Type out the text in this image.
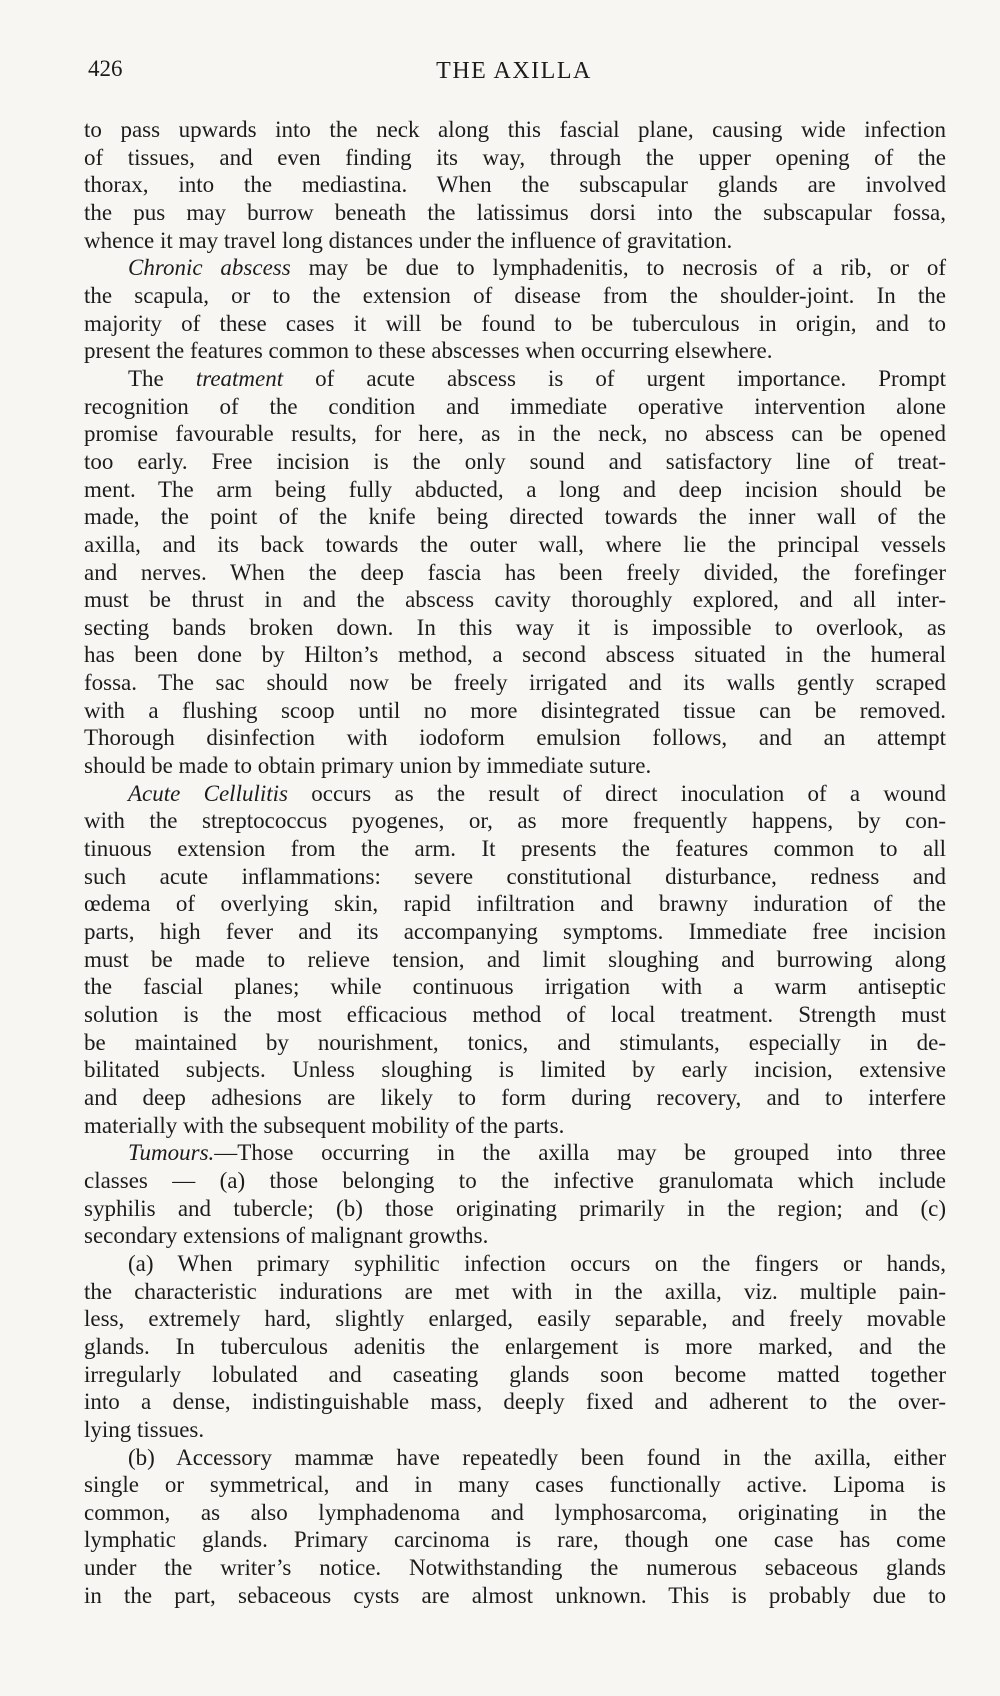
426	THE AXILLA
to pass upwards into the neck along this fascial plane, causing wide infection
of tissues, and even finding its way, through the upper opening of the
thorax, into the mediastina. When the subscapular glands are involved
the pus may burrow beneath the latissimus dorsi into the subscapular fossa,
whence it may travel long distances under the influence of gravitation.
Chronic abscess may be due to lymphadenitis, to necrosis of a rib, or of
the scapula, or to the extension of disease from the shoulder-joint. In the
majority of these cases it will be found to be tuberculous in origin, and to
present the features common to these abscesses when occurring elsewhere.
The treatment of acute abscess is of urgent importance. Prompt
recognition of the condition and immediate operative intervention alone
promise favourable results, for here, as in the neck, no abscess can be opened
too early. Free incision is the only sound and satisfactory line of treat-
ment. The arm being fully abducted, a long and deep incision should be
made, the point of the knife being directed towards the inner wall of the
axilla, and its back towards the outer wall, where lie the principal vessels
and nerves. When the deep fascia has been freely divided, the forefinger
must be thrust in and the abscess cavity thoroughly explored, and all inter-
secting bands broken down. In this way it is impossible to overlook, as
has been done by Hilton’s method, a second abscess situated in the humeral
fossa. The sac should now be freely irrigated and its walls gently scraped
with a flushing scoop until no more disintegrated tissue can be removed.
Thorough disinfection with iodoform emulsion follows, and an attempt
should be made to obtain primary union by immediate suture.
Acute Cellulitis occurs as the result of direct inoculation of a wound
with the streptococcus pyogenes, or, as more frequently happens, by con-
tinuous extension from the arm. It presents the features common to all
such acute inflammations: severe constitutional disturbance, redness and
œdema of overlying skin, rapid infiltration and brawny induration of the
parts, high fever and its accompanying symptoms. Immediate free incision
must be made to relieve tension, and limit sloughing and burrowing along
the fascial planes; while continuous irrigation with a warm antiseptic
solution is the most efficacious method of local treatment. Strength must
be maintained by nourishment, tonics, and stimulants, especially in de-
bilitated subjects. Unless sloughing is limited by early incision, extensive
and deep adhesions are likely to form during recovery, and to interfere
materially with the subsequent mobility of the parts.
Tumours.—Those occurring in the axilla may be grouped into three
classes — (a) those belonging to the infective granulomata which include
syphilis and tubercle; (b) those originating primarily in the region; and (c)
secondary extensions of malignant growths.
(a) When primary syphilitic infection occurs on the fingers or hands,
the characteristic indurations are met with in the axilla, viz. multiple pain-
less, extremely hard, slightly enlarged, easily separable, and freely movable
glands. In tuberculous adenitis the enlargement is more marked, and the
irregularly lobulated and caseating glands soon become matted together
into a dense, indistinguishable mass, deeply fixed and adherent to the over-
lying tissues.
(b) Accessory mammæ have repeatedly been found in the axilla, either
single or symmetrical, and in many cases functionally active. Lipoma is
common, as also lymphadenoma and lymphosarcoma, originating in the
lymphatic glands. Primary carcinoma is rare, though one case has come
under the writer’s notice. Notwithstanding the numerous sebaceous glands
in the part, sebaceous cysts are almost unknown. This is probably due to
